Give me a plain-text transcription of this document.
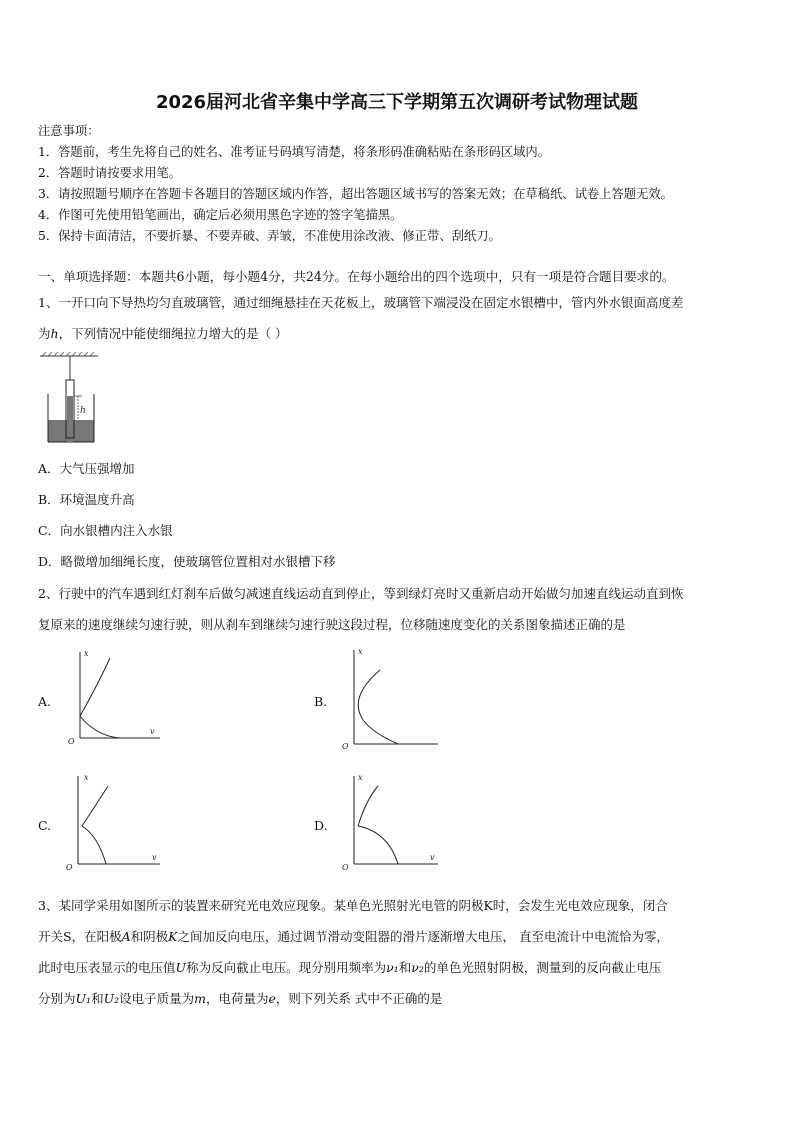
2026届河北省辛集中学高三下学期第五次调研考试物理试题
注意事项：
1．答题前，考生先将自己的姓名、准考证号码填写清楚，将条形码准确粘贴在条形码区域内。
2．答题时请按要求用笔。
3．请按照题号顺序在答题卡各题目的答题区域内作答，超出答题区域书写的答案无效；在草稿纸、试卷上答题无效。
4．作图可先使用铅笔画出，确定后必须用黑色字迹的签字笔描黑。
5．保持卡面清洁，不要折暴、不要弄破、弄皱，不准使用涂改液、修正带、刮纸刀。
一、单项选择题：本题共6小题，每小题4分，共24分。在每小题给出的四个选项中，只有一项是符合题目要求的。
1、一开口向下导热均匀直玻璃管，通过细绳悬挂在天花板上，玻璃管下端浸没在固定水银槽中，管内外水银面高度差
为h，下列情况中能使细绳拉力增大的是（ ）
h
A．大气压强增加
B．环境温度升高
C．向水银槽内注入水银
D．略微增加细绳长度，使玻璃管位置相对水银槽下移
2、行驶中的汽车遇到红灯刹车后做匀减速直线运动直到停止，等到绿灯亮时又重新启动开始做匀加速直线运动直到恢
复原来的速度继续匀速行驶，则从刹车到继续匀速行驶这段过程，位移随速度变化的关系图象描述正确的是
A.
x
v
O
B.
x
O
C.
x
v
O
D.
x
v
O
3、某同学采用如图所示的装置来研究光电效应现象。某单色光照射光电管的阴极K时，会发生光电效应现象，闭合
开关S，在阳极A和阴极K之间加反向电压，通过调节滑动变阻器的滑片逐渐增大电压， 直至电流计中电流恰为零，
此时电压表显示的电压值U称为反向截止电压。现分别用频率为ν₁和ν₂的单色光照射阴极，测量到的反向截止电压
分别为U₁和U₂设电子质量为m，电荷量为e，则下列关系 式中不正确的是
